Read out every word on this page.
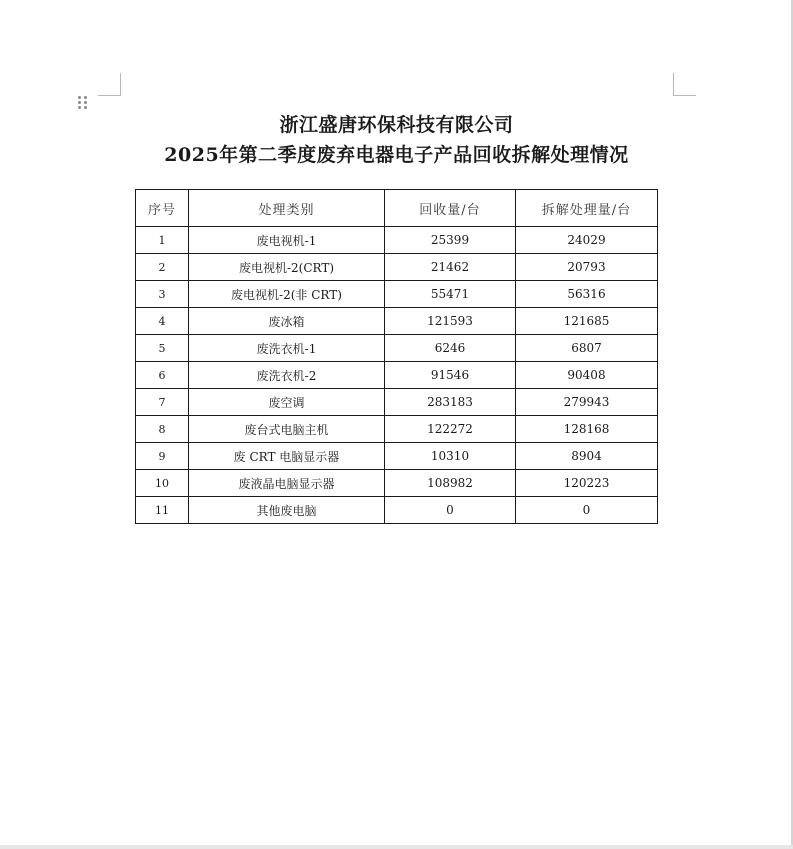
浙江盛唐环保科技有限公司
2025年第二季度废弃电器电子产品回收拆解处理情况
序号	处理类别	回收量/台	拆解处理量/台
1	废电视机-1	25399	24029
2	废电视机-2(CRT)	21462	20793
3	废电视机-2(非 CRT)	55471	56316
4	废冰箱	121593	121685
5	废洗衣机-1	6246	6807
6	废洗衣机-2	91546	90408
7	废空调	283183	279943
8	废台式电脑主机	122272	128168
9	废 CRT 电脑显示器	10310	8904
10	废液晶电脑显示器	108982	120223
11	其他废电脑	0	0
